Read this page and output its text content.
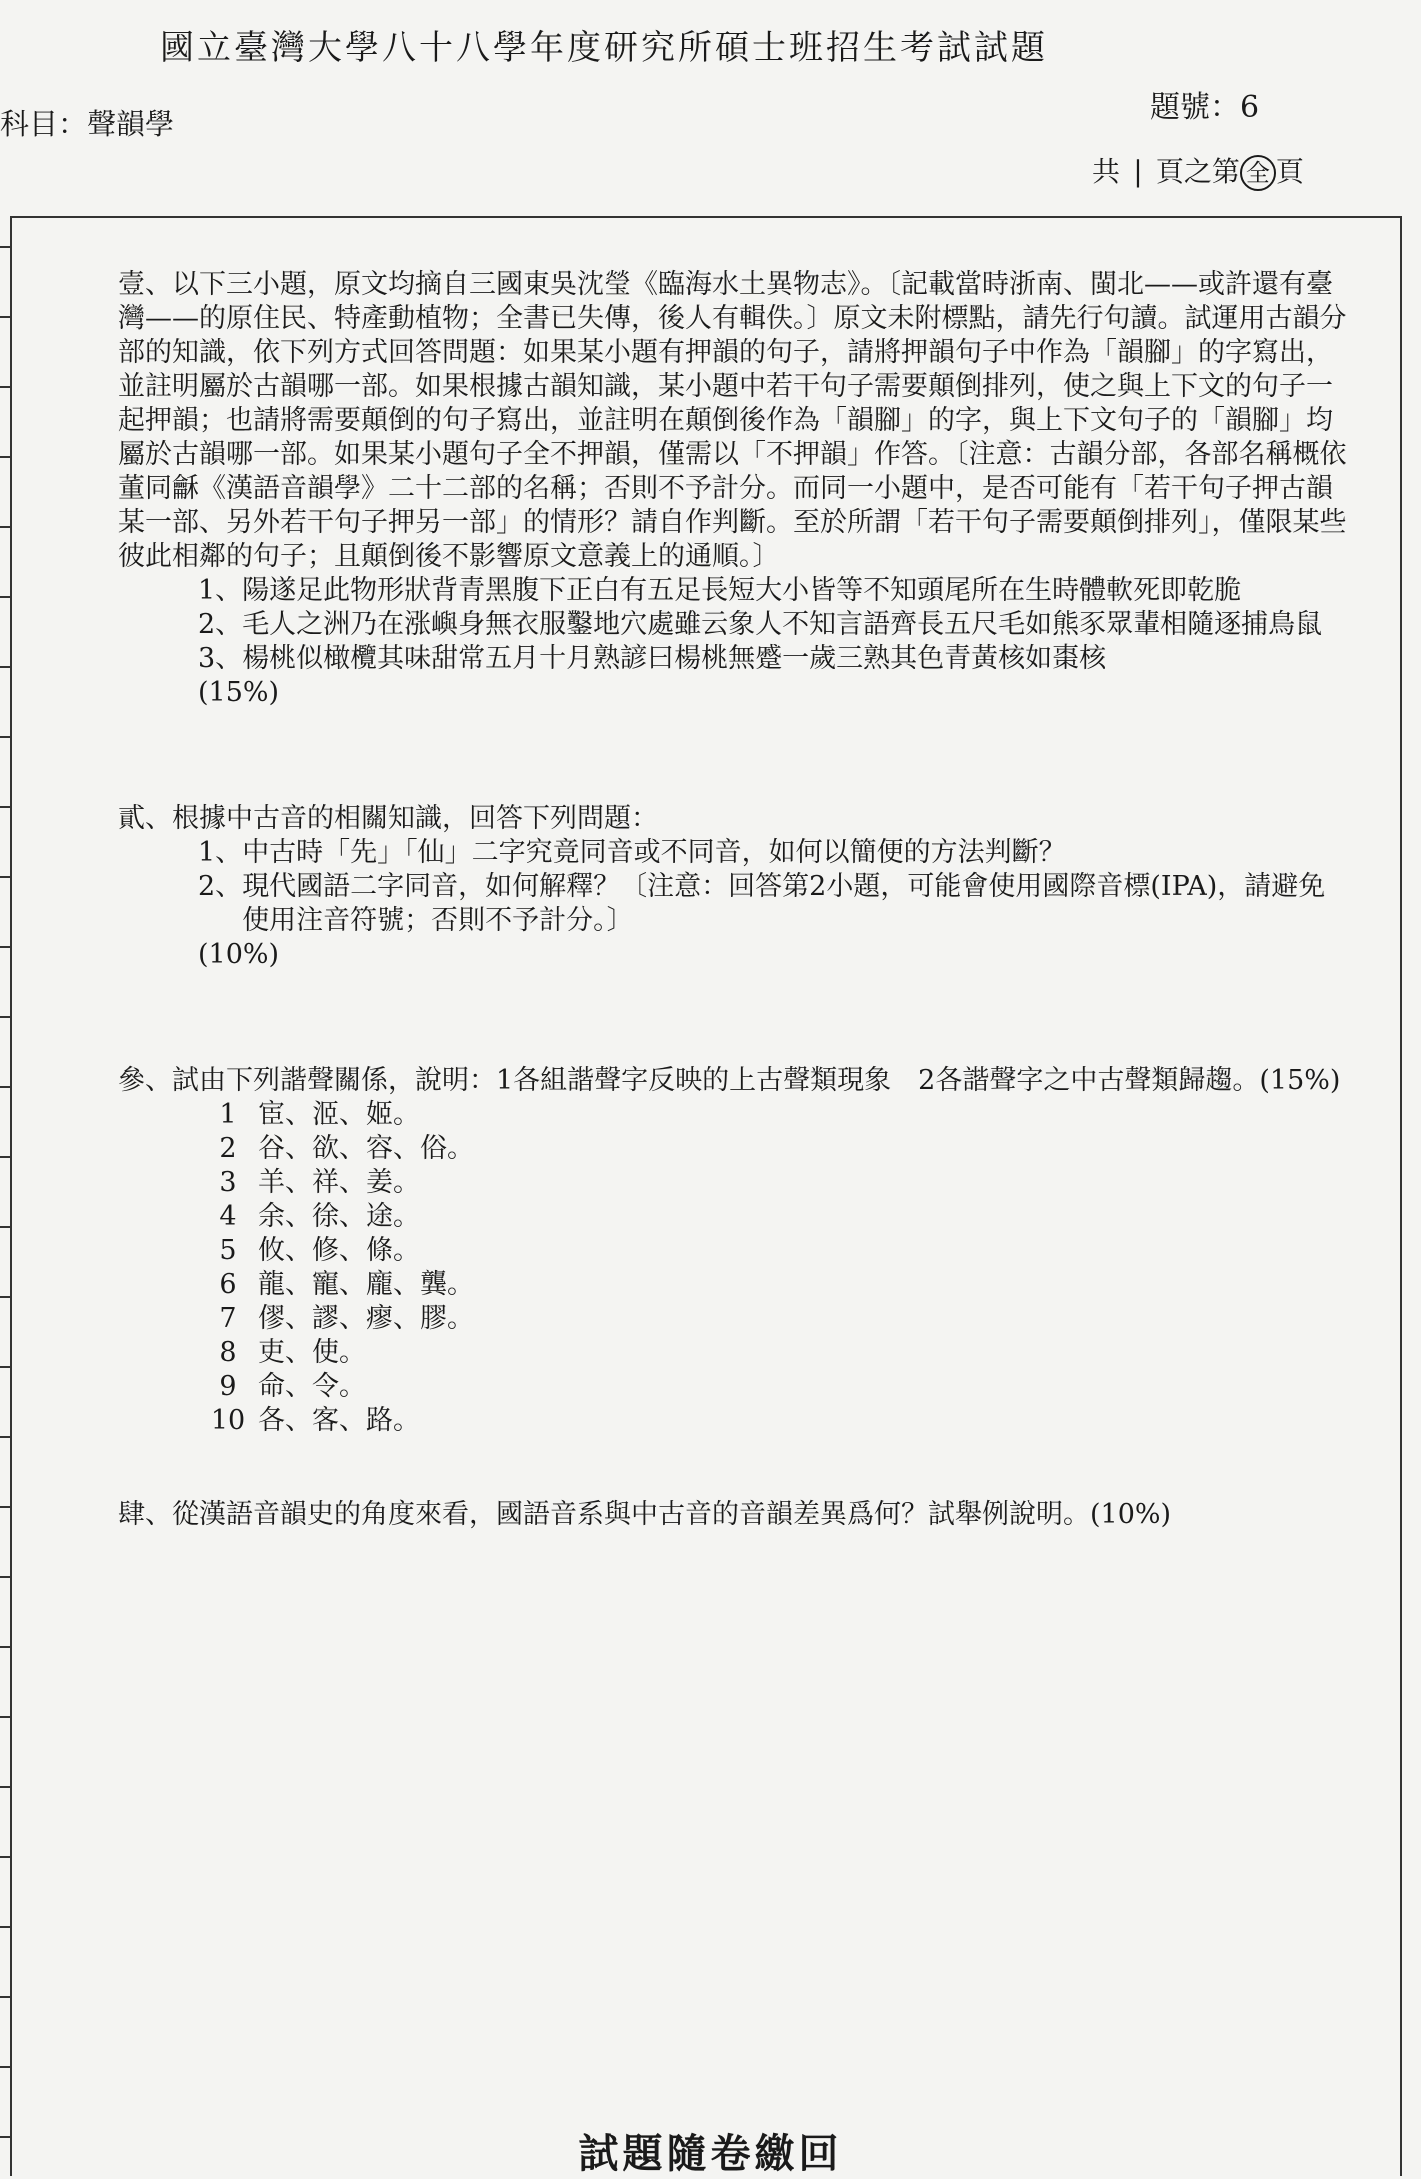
國立臺灣大學八十八學年度研究所碩士班招生考試試題
科目：聲韻學	題號：6
共 | 頁之第 全 頁

壹、以下三小題，原文均摘自三國東吳沈瑩《臨海水土異物志》。〔記載當時浙南、閩北——或許還有臺灣——的原住民、特產動植物；全書已失傳，後人有輯佚。〕原文未附標點，請先行句讀。試運用古韻分部的知識，依下列方式回答問題：如果某小題有押韻的句子，請將押韻句子中作為「韻腳」的字寫出，並註明屬於古韻哪一部。如果根據古韻知識，某小題中若干句子需要顛倒排列，使之與上下文的句子一起押韻；也請將需要顛倒的句子寫出，並註明在顛倒後作為「韻腳」的字，與上下文句子的「韻腳」均屬於古韻哪一部。如果某小題句子全不押韻，僅需以「不押韻」作答。〔注意：古韻分部，各部名稱概依董同龢《漢語音韻學》二十二部的名稱；否則不予計分。而同一小題中，是否可能有「若干句子押古韻某一部、另外若干句子押另一部」的情形？請自作判斷。至於所謂「若干句子需要顛倒排列」，僅限某些彼此相鄰的句子；且顛倒後不影響原文意義上的通順。〕

1、 陽遂足此物形狀背青黑腹下正白有五足長短大小皆等不知頭尾所在生時體軟死即乾脆
2、 毛人之洲乃在涨嶼身無衣服鑿地穴處雖云象人不知言語齊長五尺毛如熊豕眾輩相隨逐捕鳥鼠
3、 楊桃似橄欖其味甜常五月十月熟諺曰楊桃無蹙一歲三熟其色青黃核如棗核
(15%)

貳、根據中古音的相關知識，回答下列問題：

1、 中古時「先」「仙」二字究竟同音或不同音，如何以簡便的方法判斷？
2、 現代國語二字同音，如何解釋？〔注意：回答第2小題，可能會使用國際音標(IPA)，請避免使用注音符號；否則不予計分。〕
(10%)

參、試由下列諧聲關係，說明：1各組諧聲字反映的上古聲類現象　2各諧聲字之中古聲類歸趨。(15%)

1 宦、洍、姬。
2 谷、欲、容、俗。
3 羊、祥、姜。
4 余、徐、途。
5 攸、修、條。
6 龍、寵、龐、龔。
7 僇、謬、瘳、膠。
8 吏、使。
9 命、令。
10 各、客、路。

肆、從漢語音韻史的角度來看，國語音系與中古音的音韻差異爲何？試舉例說明。(10%)

試題隨卷繳回
